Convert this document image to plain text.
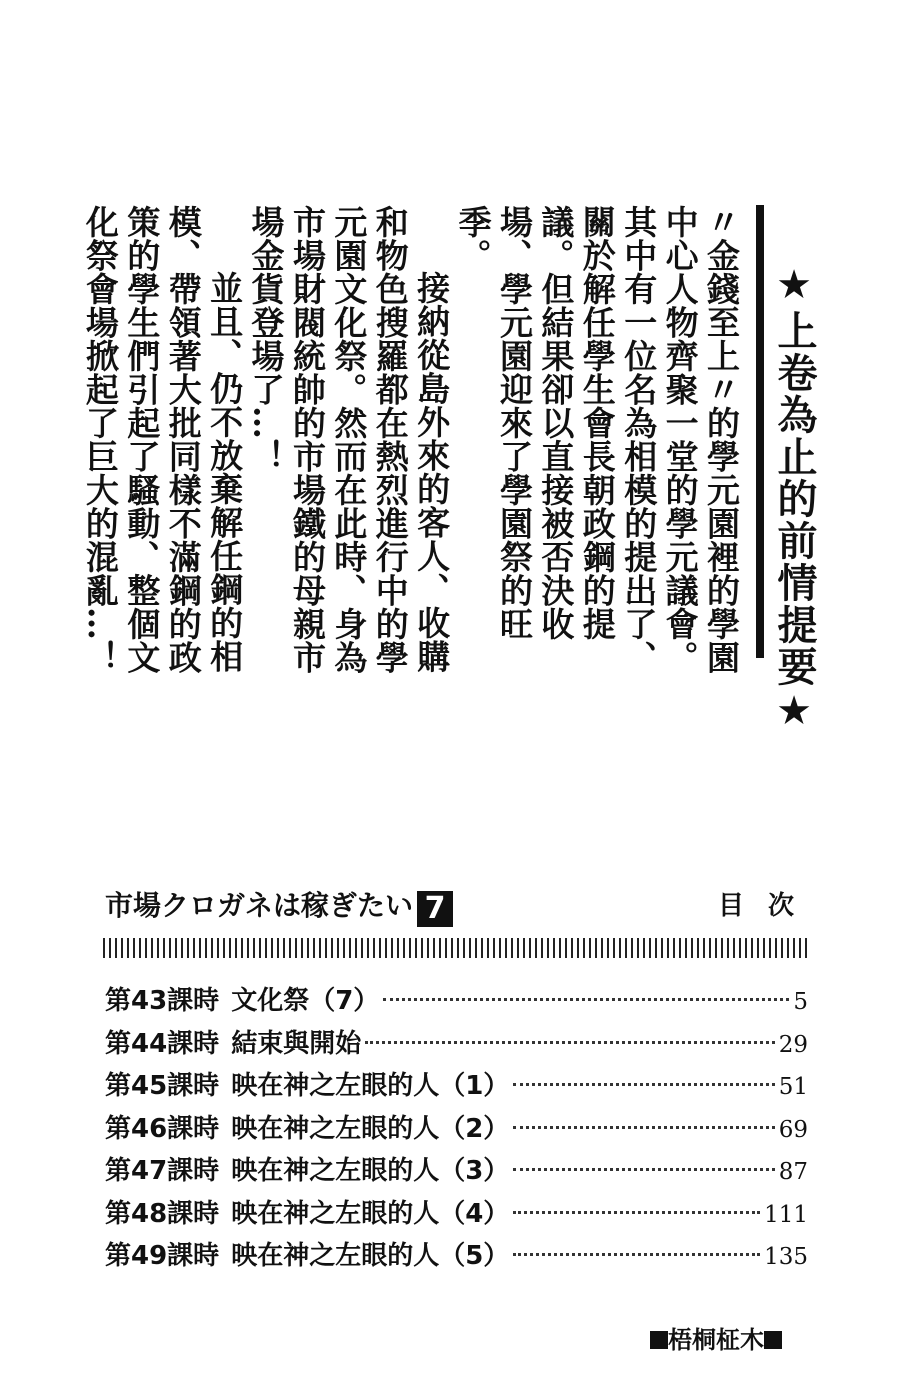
★上卷為止的前情提要★

〃金錢至上〃的學元園裡的學園中心人物齊聚一堂的學元議會。其中有一位名為相模的提出了、關於解任學生會長朝政鋼的提議。但結果卻以直接被否決收場、學元園迎來了學園祭的旺季。

接納從島外來的客人、收購和物色搜羅都在熱烈進行中的學元園文化祭。然而在此時、身為市場財閥統帥的市場鐵的母親市場金貨登場了…！

並且、仍不放棄解任鋼的相模、帶領著大批同樣不滿鋼的政策的學生們引起了騷動、整個文化祭會場掀起了巨大的混亂…！

市場クロガネは稼ぎたい 7	目次
第43課時 文化祭（7）	5
第44課時 結束與開始	29
第45課時 映在神之左眼的人（1）	51
第46課時 映在神之左眼的人（2）	69
第47課時 映在神之左眼的人（3）	87
第48課時 映在神之左眼的人（4）	111
第49課時 映在神之左眼的人（5）	135
梧桐柾木
